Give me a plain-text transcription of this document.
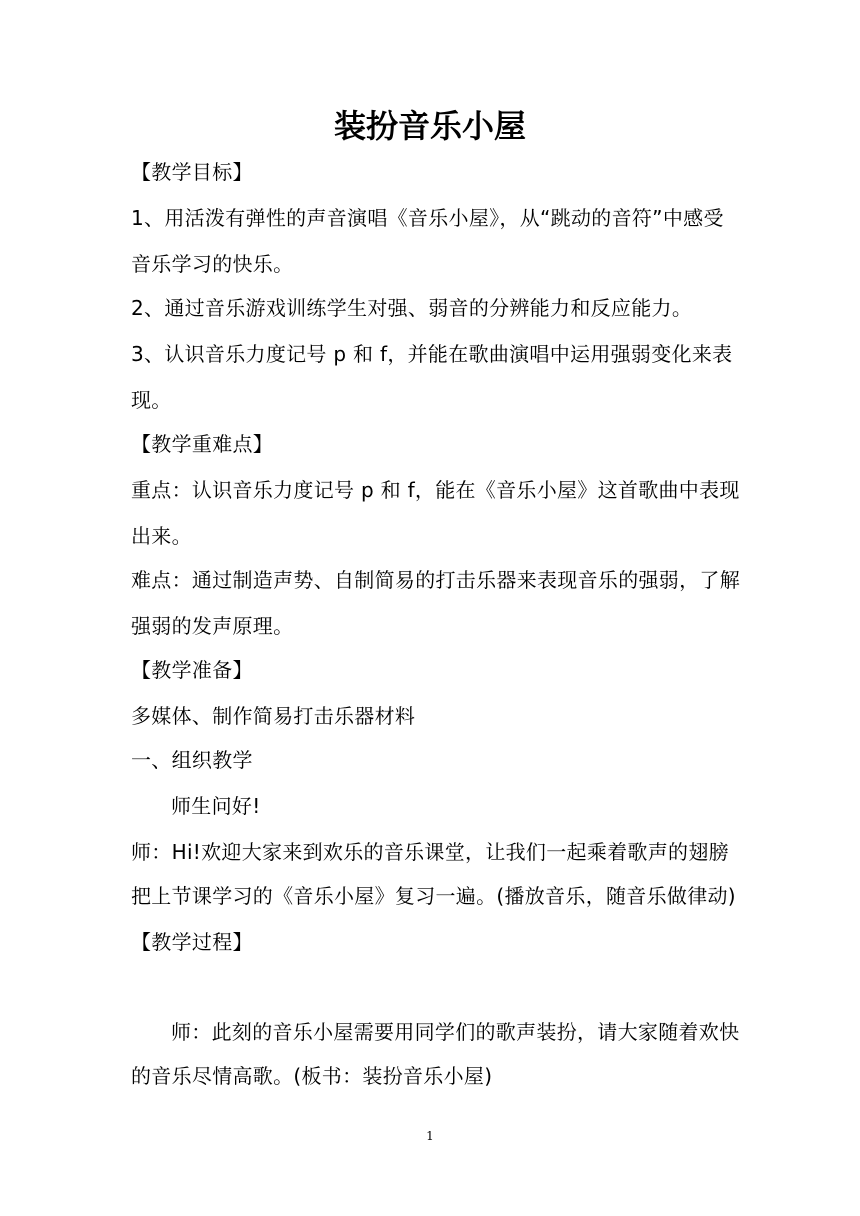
装扮音乐小屋

【教学目标】

1、用活泼有弹性的声音演唱《音乐小屋》，从“跳动的音符”中感受

音乐学习的快乐。

2、通过音乐游戏训练学生对强、弱音的分辨能力和反应能力。

3、认识音乐力度记号 p 和 f，并能在歌曲演唱中运用强弱变化来表

现。

【教学重难点】

重点：认识音乐力度记号 p 和 f，能在《音乐小屋》这首歌曲中表现

出来。

难点：通过制造声势、自制简易的打击乐器来表现音乐的强弱，了解

强弱的发声原理。

【教学准备】

多媒体、制作简易打击乐器材料

一、组织教学

师生问好!

师：Hi!欢迎大家来到欢乐的音乐课堂，让我们一起乘着歌声的翅膀

把上节课学习的《音乐小屋》复习一遍。(播放音乐，随音乐做律动)

【教学过程】

师：此刻的音乐小屋需要用同学们的歌声装扮，请大家随着欢快

的音乐尽情高歌。(板书：装扮音乐小屋)

1
